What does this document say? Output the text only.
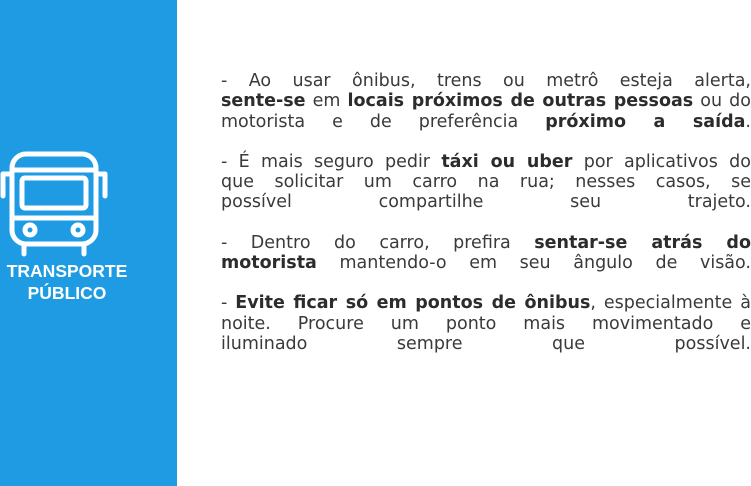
TRANSPORTE
PÚBLICO
- Ao usar ônibus, trens ou metrô esteja alerta,
sente-se em locais próximos de outras pessoas ou do
motorista e de preferência próximo a saída.
- É mais seguro pedir táxi ou uber por aplicativos do
que solicitar um carro na rua; nesses casos, se
possível compartilhe seu trajeto.
- Dentro do carro, prefira sentar-se atrás do
motorista mantendo-o em seu ângulo de visão.
- Evite ficar só em pontos de ônibus, especialmente à
noite. Procure um ponto mais movimentado e
iluminado sempre que possível.
